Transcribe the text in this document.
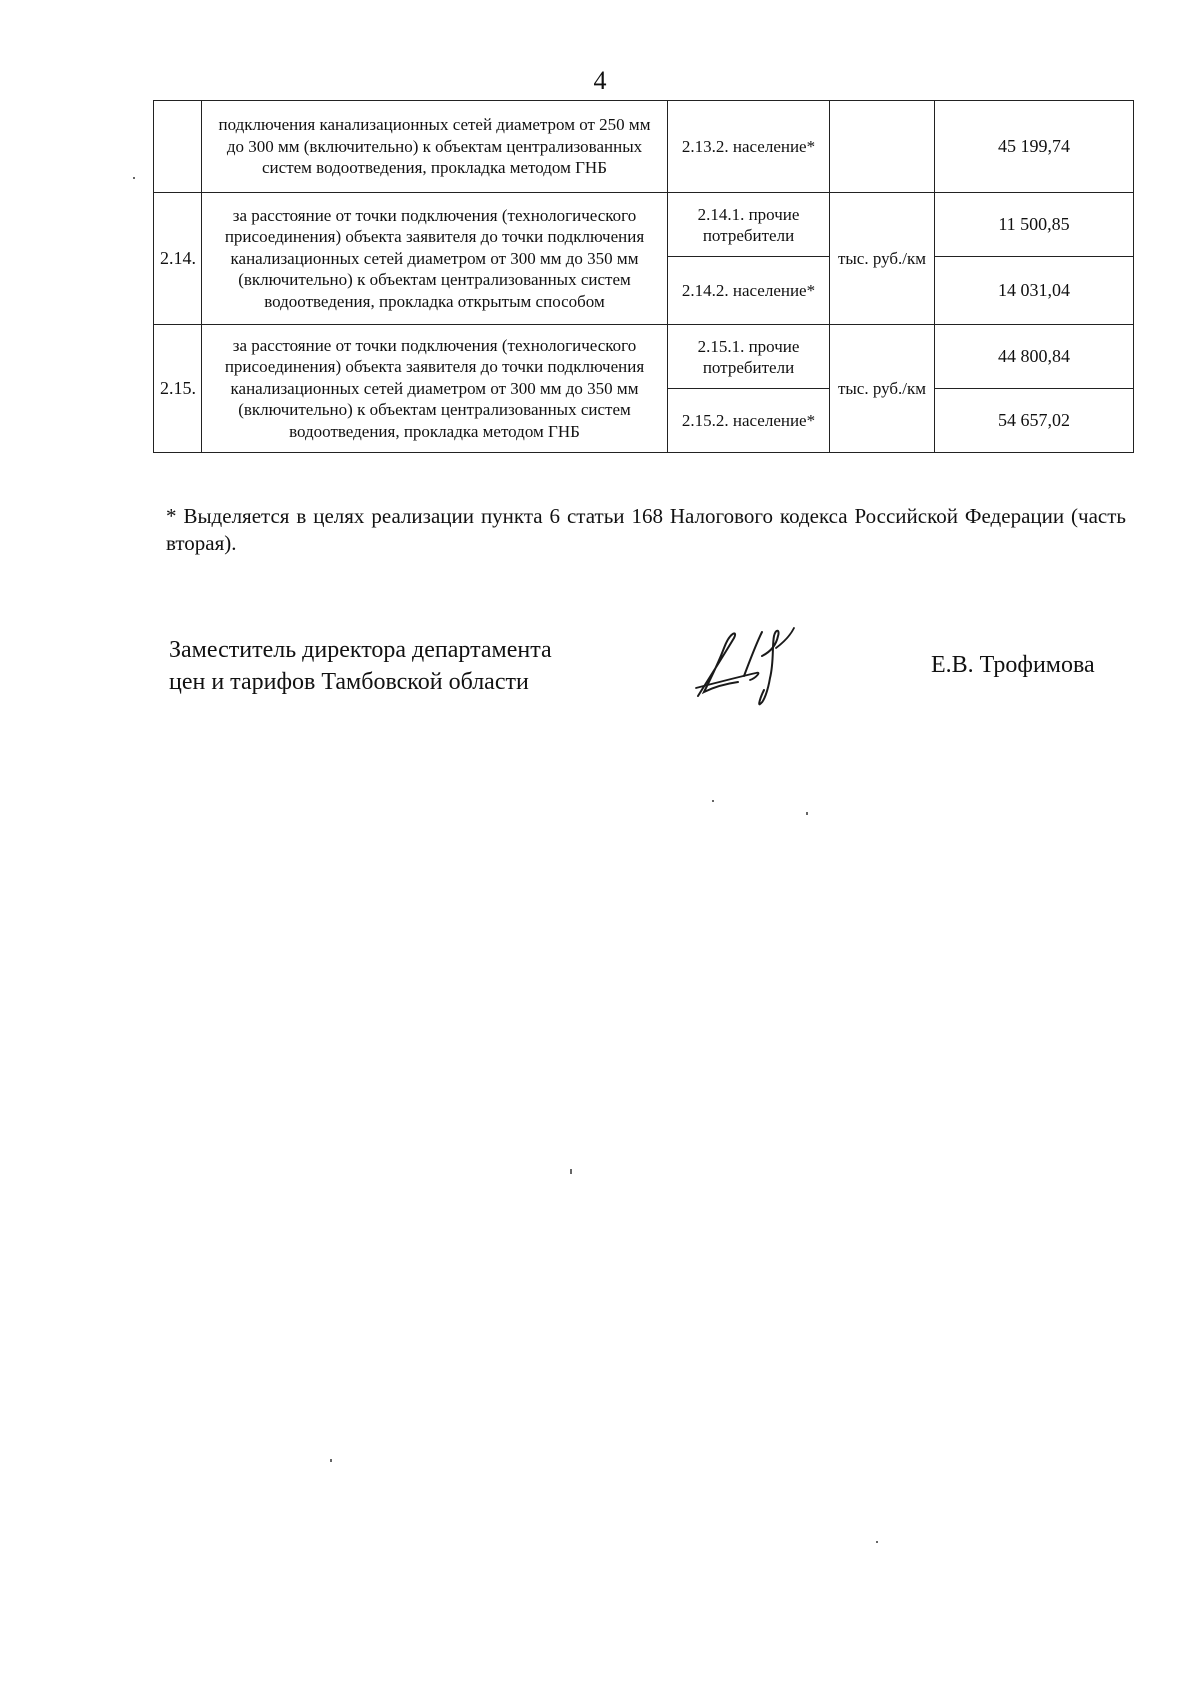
4
	подключения канализационных сетей диаметром от 250 мм до 300 мм (включительно) к объектам централизованных систем водоотведения, прокладка методом ГНБ	2.13.2. население*		45 199,74
2.14.	за расстояние от точки подключения (технологического присоединения) объекта заявителя до точки подключения канализационных сетей диаметром от 300 мм до 350 мм (включительно) к объектам централизованных систем водоотведения, прокладка открытым способом	2.14.1. прочие потребители	тыс. руб./км	11 500,85
		2.14.2. население*		14 031,04
2.15.	за расстояние от точки подключения (технологического присоединения) объекта заявителя до точки подключения канализационных сетей диаметром от 300 мм до 350 мм (включительно) к объектам централизованных систем водоотведения, прокладка методом ГНБ	2.15.1. прочие потребители	тыс. руб./км	44 800,84
		2.15.2. население*		54 657,02
* Выделяется в целях реализации пункта 6 статьи 168 Налогового кодекса Российской Федерации (часть вторая).
Заместитель директора департамента
цен и тарифов Тамбовской области
Е.В. Трофимова
